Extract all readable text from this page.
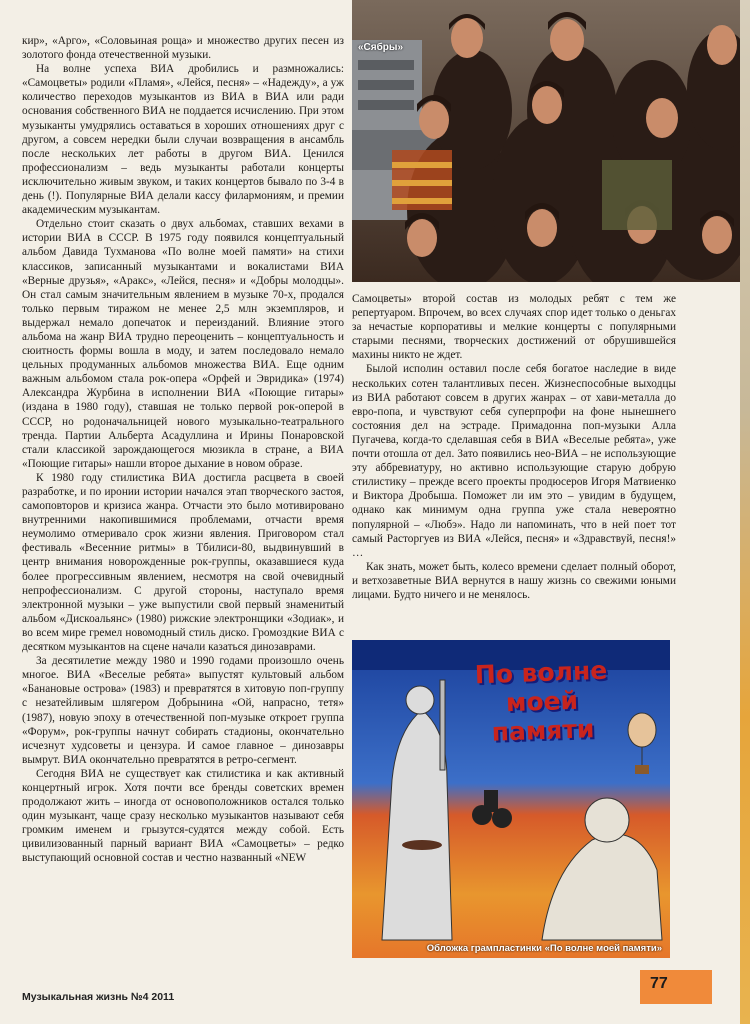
кир», «Арго», «Соловьиная роща» и множество других песен из золотого фонда отечественной музыки.

На волне успеха ВИА дробились и размножались: «Самоцветы» родили «Пламя», «Лейся, песня» – «Надежду», а уж количество переходов музыкантов из ВИА в ВИА или ради основания собственного ВИА не поддается исчислению. При этом музыканты умудрялись оставаться в хороших отношениях друг с другом, а совсем нередки были случаи возвращения в ансамбль после нескольких лет работы в другом ВИА. Ценился профессионализм – ведь музыканты работали концерты исключительно живым звуком, и таких концертов бывало по 3-4 в день (!). Популярные ВИА делали кассу филармониям, и премии академическим музыкантам.

Отдельно стоит сказать о двух альбомах, ставших вехами в истории ВИА в СССР. В 1975 году появился концептуальный альбом Давида Тухманова «По волне моей памяти» на стихи классиков, записанный музыкантами и вокалистами ВИА «Верные друзья», «Аракс», «Лейся, песня» и «Добры молодцы». Он стал самым значительным явлением в музыке 70-х, продался только первым тиражом не менее 2,5 млн экземпляров, и выдержал немало допечаток и переизданий. Влияние этого альбома на жанр ВИА трудно переоценить – концептуальность и сюитность формы вошла в моду, и затем последовало немало цельных продуманных альбомов множества ВИА. Еще одним важным альбомом стала рок-опера «Орфей и Эвридика» (1974) Александра Журбина в исполнении ВИА «Поющие гитары» (издана в 1980 году), ставшая не только первой рок-оперой в СССР, но родоначальницей нового музыкально-театрального тренда. Партии Альберта Асадуллина и Ирины Понаровской стали классикой зарождающегося мюзикла в стране, а ВИА «Поющие гитары» нашли второе дыхание в новом образе.

К 1980 году стилистика ВИА достигла расцвета в своей разработке, и по иронии истории начался этап творческого застоя, самоповторов и кризиса жанра. Отчасти это было мотивировано внутренними накопившимися проблемами, отчасти время неумолимо отмеривало срок жизни явления. Приговором стал фестиваль «Весенние ритмы» в Тбилиси-80, выдвинувший в центр внимания новорожденные рок-группы, оказавшиеся куда более прогрессивным явлением, несмотря на свой очевидный непрофессионализм. С другой стороны, наступало время электронной музыки – уже выпустили свой первый знаменитый альбом «Дискоальянс» (1980) рижские электронщики «Зодиак», и во всем мире гремел новомодный стиль диско. Громоздкие ВИА с десятком музыкантов на сцене начали казаться динозаврами.

За десятилетие между 1980 и 1990 годами произошло очень многое. ВИА «Веселые ребята» выпустят культовый альбом «Банановые острова» (1983) и превратятся в хитовую поп-группу с незатейливым шлягером Добрынина «Ой, напрасно, тетя» (1987), новую эпоху в отечественной поп-музыке откроет группа «Форум», рок-группы начнут собирать стадионы, окончательно исчезнут худсоветы и цензура. И самое главное – динозавры вымрут. ВИА окончательно превратятся в ретро-сегмент.

Сегодня ВИА не существует как стилистика и как активный концертный игрок. Хотя почти все бренды советских времен продолжают жить – иногда от основоположников остался только один музыкант, чаще сразу несколько музыкантов называют себя громким именем и грызутся-судятся между собой. Есть цивилизованный парный вариант ВИА «Самоцветы» – редко выступающий основной состав и честно названный «NEW

«Сябры»

Самоцветы» второй состав из молодых ребят с тем же репертуаром. Впрочем, во всех случаях спор идет только о деньгах за нечастые корпоративы и мелкие концерты с популярными старыми песнями, творческих достижений от обрушившейся махины никто не ждет.

Былой исполин оставил после себя богатое наследие в виде нескольких сотен талантливых песен. Жизнеспособные выходцы из ВИА работают совсем в других жанрах – от хави-металла до евро-попа, и чувствуют себя суперпрофи на фоне нынешнего состояния дел на эстраде. Примадонна поп-музыки Алла Пугачева, когда-то сделавшая себя в ВИА «Веселые ребята», уже почти отошла от дел. Зато появились нео-ВИА – не использующие эту аббревиатуру, но активно использующие старую добрую стилистику – прежде всего проекты продюсеров Игоря Матвиенко и Виктора Дробыша. Поможет ли им это – увидим в будущем, однако как минимум одна группа уже стала невероятно популярной – «Любэ». Надо ли напоминать, что в ней поет тот самый Расторгуев из ВИА «Лейся, песня» и «Здравствуй, песня!» …

Как знать, может быть, колесо времени сделает полный оборот, и ветхозаветные ВИА вернутся в нашу жизнь со свежими юными лицами. Будто ничего и не менялось.

По волне
моей
памяти
Обложка грампластинки «По волне моей памяти»
Музыкальная жизнь №4 2011
77
